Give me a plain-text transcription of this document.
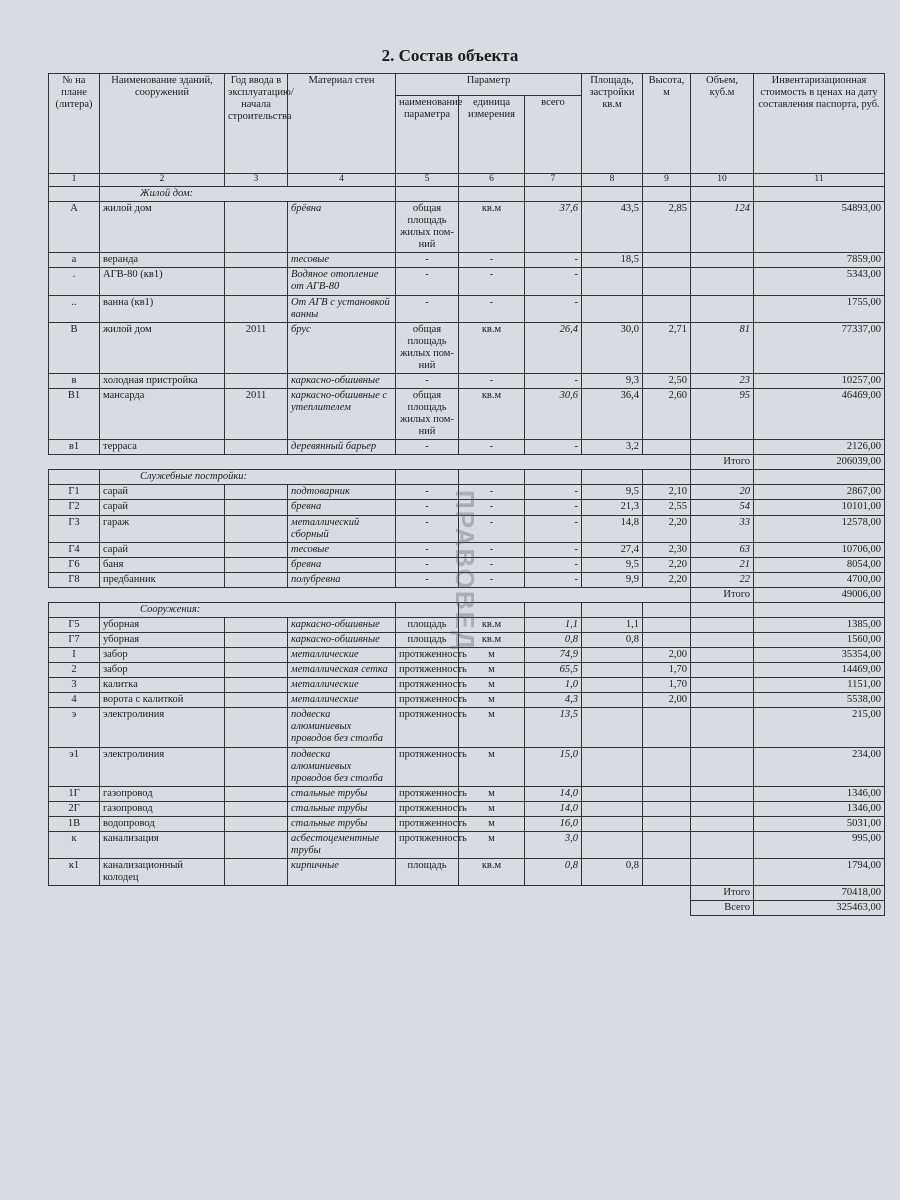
2. Состав объекта
№ на плане (литера)	Наименование зданий, сооружений	Год ввода в эксплуатацию/ начала строительства	Материал стен	Параметр			Площадь, застройки кв.м	Высота, м	Объем, куб.м	Инвентаризационная стоимость в ценах на дату составления паспорта, руб.
				наименование параметра	единица измерения	всего				
1	2	3	4	5	6	7	8	9	10	11
	Жилой дом:									
А	жилой дом		брёвна	общая площадь жилых пом-ний	кв.м	37,6	43,5	2,85	124	54893,00
а	веранда		тесовые	-	-	-	18,5			7859,00
.	АГВ-80 (кв1)		Водяное отопление от АГВ-80	-	-	-				5343,00
..	ванна (кв1)		От АГВ с установкой ванны	-	-	-				1755,00
В	жилой дом	2011	брус	общая площадь жилых пом-ний	кв.м	26,4	30,0	2,71	81	77337,00
в	холодная пристройка		каркасно-обшивные	-	-	-	9,3	2,50	23	10257,00
В1	мансарда	2011	каркасно-обшивные с утеплителем	общая площадь жилых пом-ний	кв.м	30,6	36,4	2,60	95	46469,00
в1	терраса		деревянный барьер	-	-	-	3,2			2126,00
									Итого	206039,00
	Служебные постройки:									
Г1	сарай		подтоварник	-	-	-	9,5	2,10	20	2867,00
Г2	сарай		бревна	-	-	-	21,3	2,55	54	10101,00
Г3	гараж		металлический сборный	-	-	-	14,8	2,20	33	12578,00
Г4	сарай		тесовые	-	-	-	27,4	2,30	63	10706,00
Г6	баня		бревна	-	-	-	9,5	2,20	21	8054,00
Г8	предбанник		полубревна	-	-	-	9,9	2,20	22	4700,00
									Итого	49006,00
	Сооружения:									
Г5	уборная		каркасно-обшивные	площадь	кв.м	1,1	1,1			1385,00
Г7	уборная		каркасно-обшивные	площадь	кв.м	0,8	0,8			1560,00
I	забор		металлические	протяженность	м	74,9		2,00		35354,00
2	забор		металлическая сетка	протяженность	м	65,5		1,70		14469,00
3	калитка		металлические	протяженность	м	1,0		1,70		1151,00
4	ворота с калиткой		металлические	протяженность	м	4,3		2,00		5538,00
э	электролиния		подвеска алюминиевых проводов без столба	протяженность	м	13,5				215,00
э1	электролиния		подвеска алюминиевых проводов без столба	протяженность	м	15,0				234,00
1Г	газопровод		стальные трубы	протяженность	м	14,0				1346,00
2Г	газопровод		стальные трубы	протяженность	м	14,0				1346,00
1В	водопровод		стальные трубы	протяженность	м	16,0				5031,00
к	канализация		асбестоцементные трубы	протяженность	м	3,0				995,00
к1	канализационный колодец		кирпичные	площадь	кв.м	0,8	0,8			1794,00
									Итого	70418,00
									Всего	325463,00
ПРАВОВЕД
